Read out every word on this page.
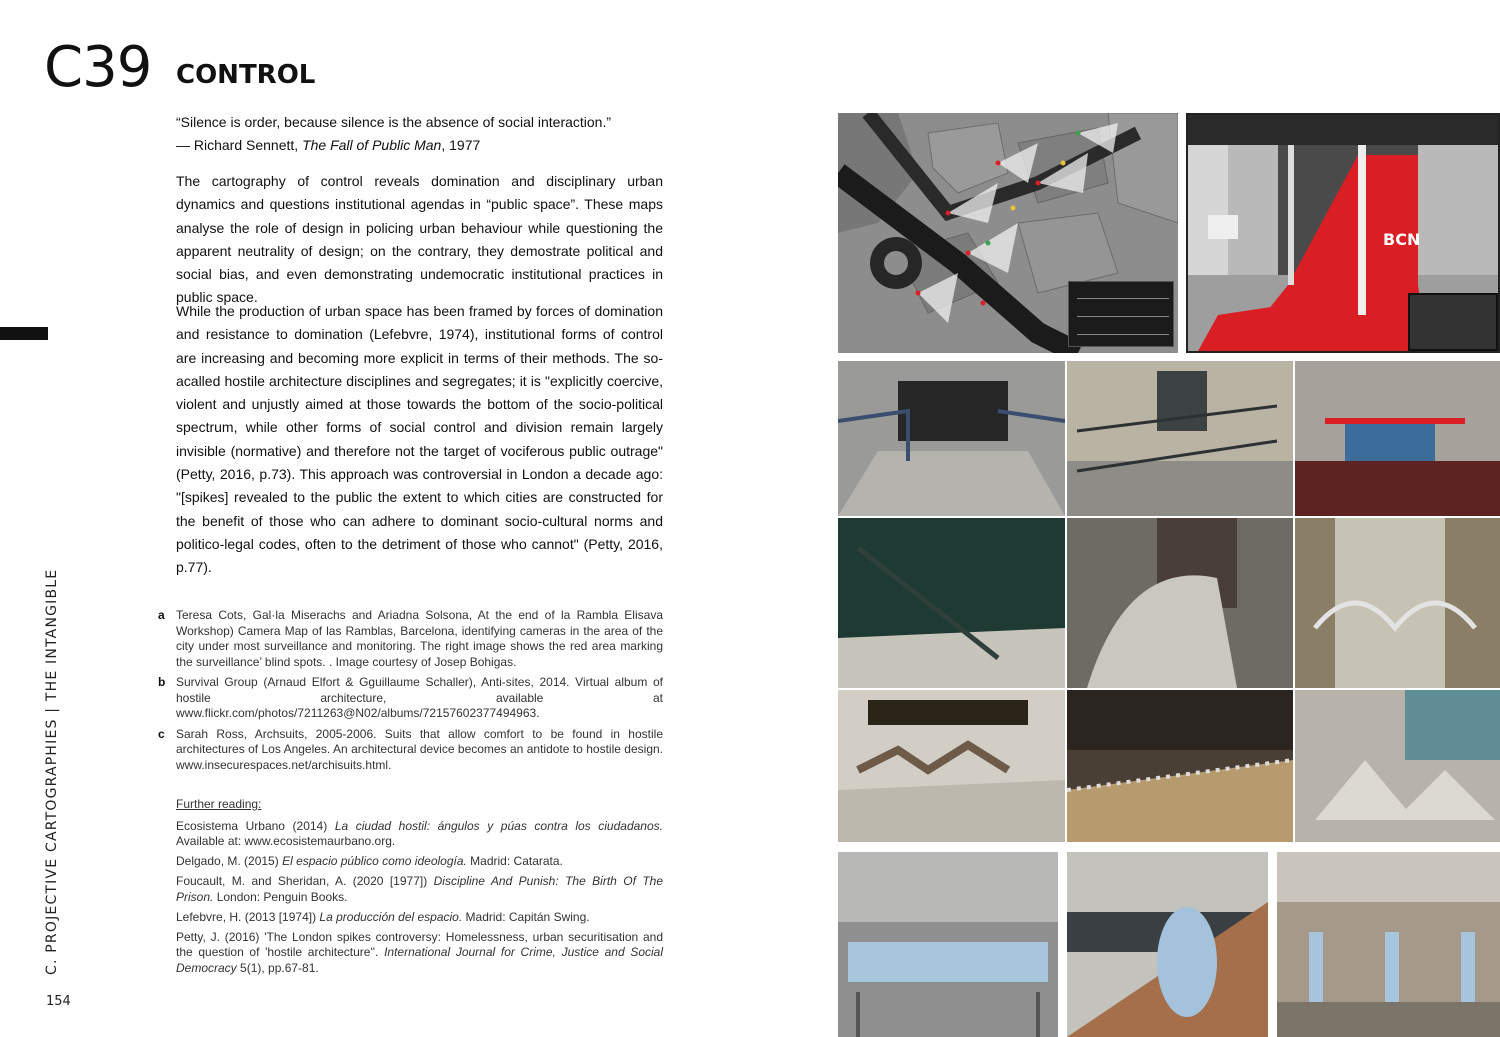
C39 CONTROL
“Silence is order, because silence is the absence of social interaction.”
— Richard Sennett, The Fall of Public Man, 1977
The cartography of control reveals domination and disciplinary urban dynamics and questions institutional agendas in “public space”. These maps analyse the role of design in policing urban behaviour while questioning the apparent neutrality of design; on the contrary, they demostrate political and social bias, and even demonstrating undemocratic institutional practices in public space.
While the production of urban space has been framed by forces of domination and resistance to domination (Lefebvre, 1974), institutional forms of control are increasing and becoming more explicit in terms of their methods. The so-acalled hostile architecture disciplines and segregates; it is "explicitly coercive, violent and unjustly aimed at those towards the bottom of the socio-political spectrum, while other forms of social control and division remain largely invisible (normative) and therefore not the target of vociferous public outrage" (Petty, 2016, p.73). This approach was controversial in London a decade ago: "[spikes] revealed to the public the extent to which cities are constructed for the benefit of those who can adhere to dominant socio-cultural norms and politico-legal codes, often to the detriment of those who cannot" (Petty, 2016, p.77).
a Teresa Cots, Gal·la Miserachs and Ariadna Solsona, At the end of la Rambla Elisava Workshop) Camera Map of las Ramblas, Barcelona, identifying cameras in the area of the city under most surveillance and monitoring. The right image shows the red area marking the surveillance’ blind spots. . Image courtesy of Josep Bohigas.
b Survival Group (Arnaud Elfort & Gguillaume Schaller), Anti-sites, 2014. Virtual album of hostile architecture, available at www.flickr.com/photos/7211263@N02/albums/72157602377494963.
c Sarah Ross, Archsuits, 2005-2006. Suits that allow comfort to be found in hostile architectures of Los Angeles. An architectural device becomes an antidote to hostile design. www.insecurespaces.net/archisuits.html.
Further reading:

Ecosistema Urbano (2014) La ciudad hostil: ángulos y púas contra los ciudadanos. Available at: www.ecosistemaurbano.org.

Delgado, M. (2015) El espacio público como ideología. Madrid: Catarata.

Foucault, M. and Sheridan, A. (2020 [1977]) Discipline And Punish: The Birth Of The Prison. London: Penguin Books.

Lefebvre, H. (2013 [1974]) La producción del espacio. Madrid: Capitán Swing.

Petty, J. (2016) 'The London spikes controversy: Homelessness, urban securitisation and the question of 'hostile architecture''. International Journal for Crime, Justice and Social Democracy 5(1), pp.67-81.

C. PROJECTIVE CARTOGRAPHIES | THE INTANGIBLE
154
BCN
